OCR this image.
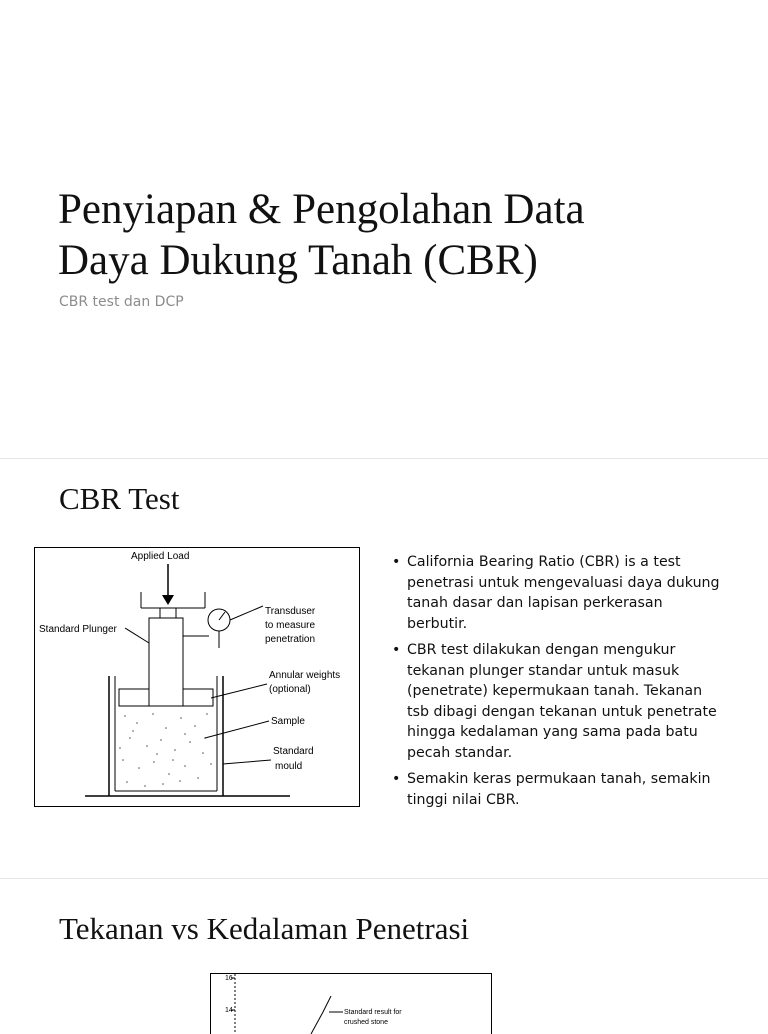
Penyiapan & Pengolahan Data
Daya Dukung Tanah (CBR)

CBR test dan DCP

CBR Test
Applied Load
Standard Plunger
Transduser
to measure
penetration
Annular weights
(optional)
Sample
Standard
mould
• California Bearing Ratio (CBR) is a test penetrasi untuk mengevaluasi daya dukung tanah dasar dan lapisan perkerasan berbutir.
• CBR test dilakukan dengan mengukur tekanan plunger standar untuk masuk (penetrate) kepermukaan tanah. Tekanan tsb dibagi dengan tekanan untuk penetrate hingga kedalaman yang sama pada batu pecah standar.
• Semakin keras permukaan tanah, semakin tinggi nilai CBR.
Tekanan vs Kedalaman Penetrasi
16
14	Standard result for
crushed stone
